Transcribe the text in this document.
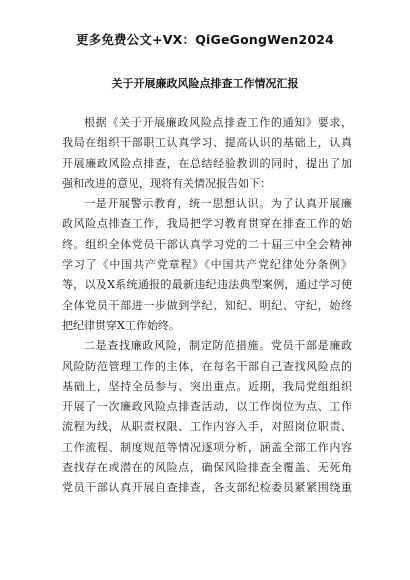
更多免费公文+VX：QiGeGongWen2024
关于开展廉政风险点排查工作情况汇报
根据《关于开展廉政风险点排查工作的通知》要求，
我局在组织干部职工认真学习、提高认识的基础上，认真
开展廉政风险点排查，在总结经验教训的同时，提出了加
强和改进的意见，现将有关情况报告如下：
一是开展警示教育，统一思想认识。为了认真开展廉
政风险点排查工作，我局把学习教育贯穿在排查工作的始
终。组织全体党员干部认真学习党的二十届三中全会精神
学习了《中国共产党章程》《中国共产党纪律处分条例》
等，以及X系统通报的最新违纪违法典型案例，通过学习使
全体党员干部进一步做到学纪、知纪、明纪、守纪，始终
把纪律贯穿X工作始终。
二是查找廉政风险，制定防范措施。党员干部是廉政
风险防范管理工作的主体，在每名干部自己查找风险点的
基础上，坚持全员参与、突出重点。近期，我局党组组织
开展了一次廉政风险点排查活动，以工作岗位为点、工作
流程为线，从职责权限、工作内容入手，对照岗位职责、
工作流程、制度规范等情况逐项分析，涵盖全部工作内容
查找存在或潜在的风险点，确保风险排查全覆盖、无死角
党员干部认真开展自查排查，各支部纪检委员紧紧围绕重
